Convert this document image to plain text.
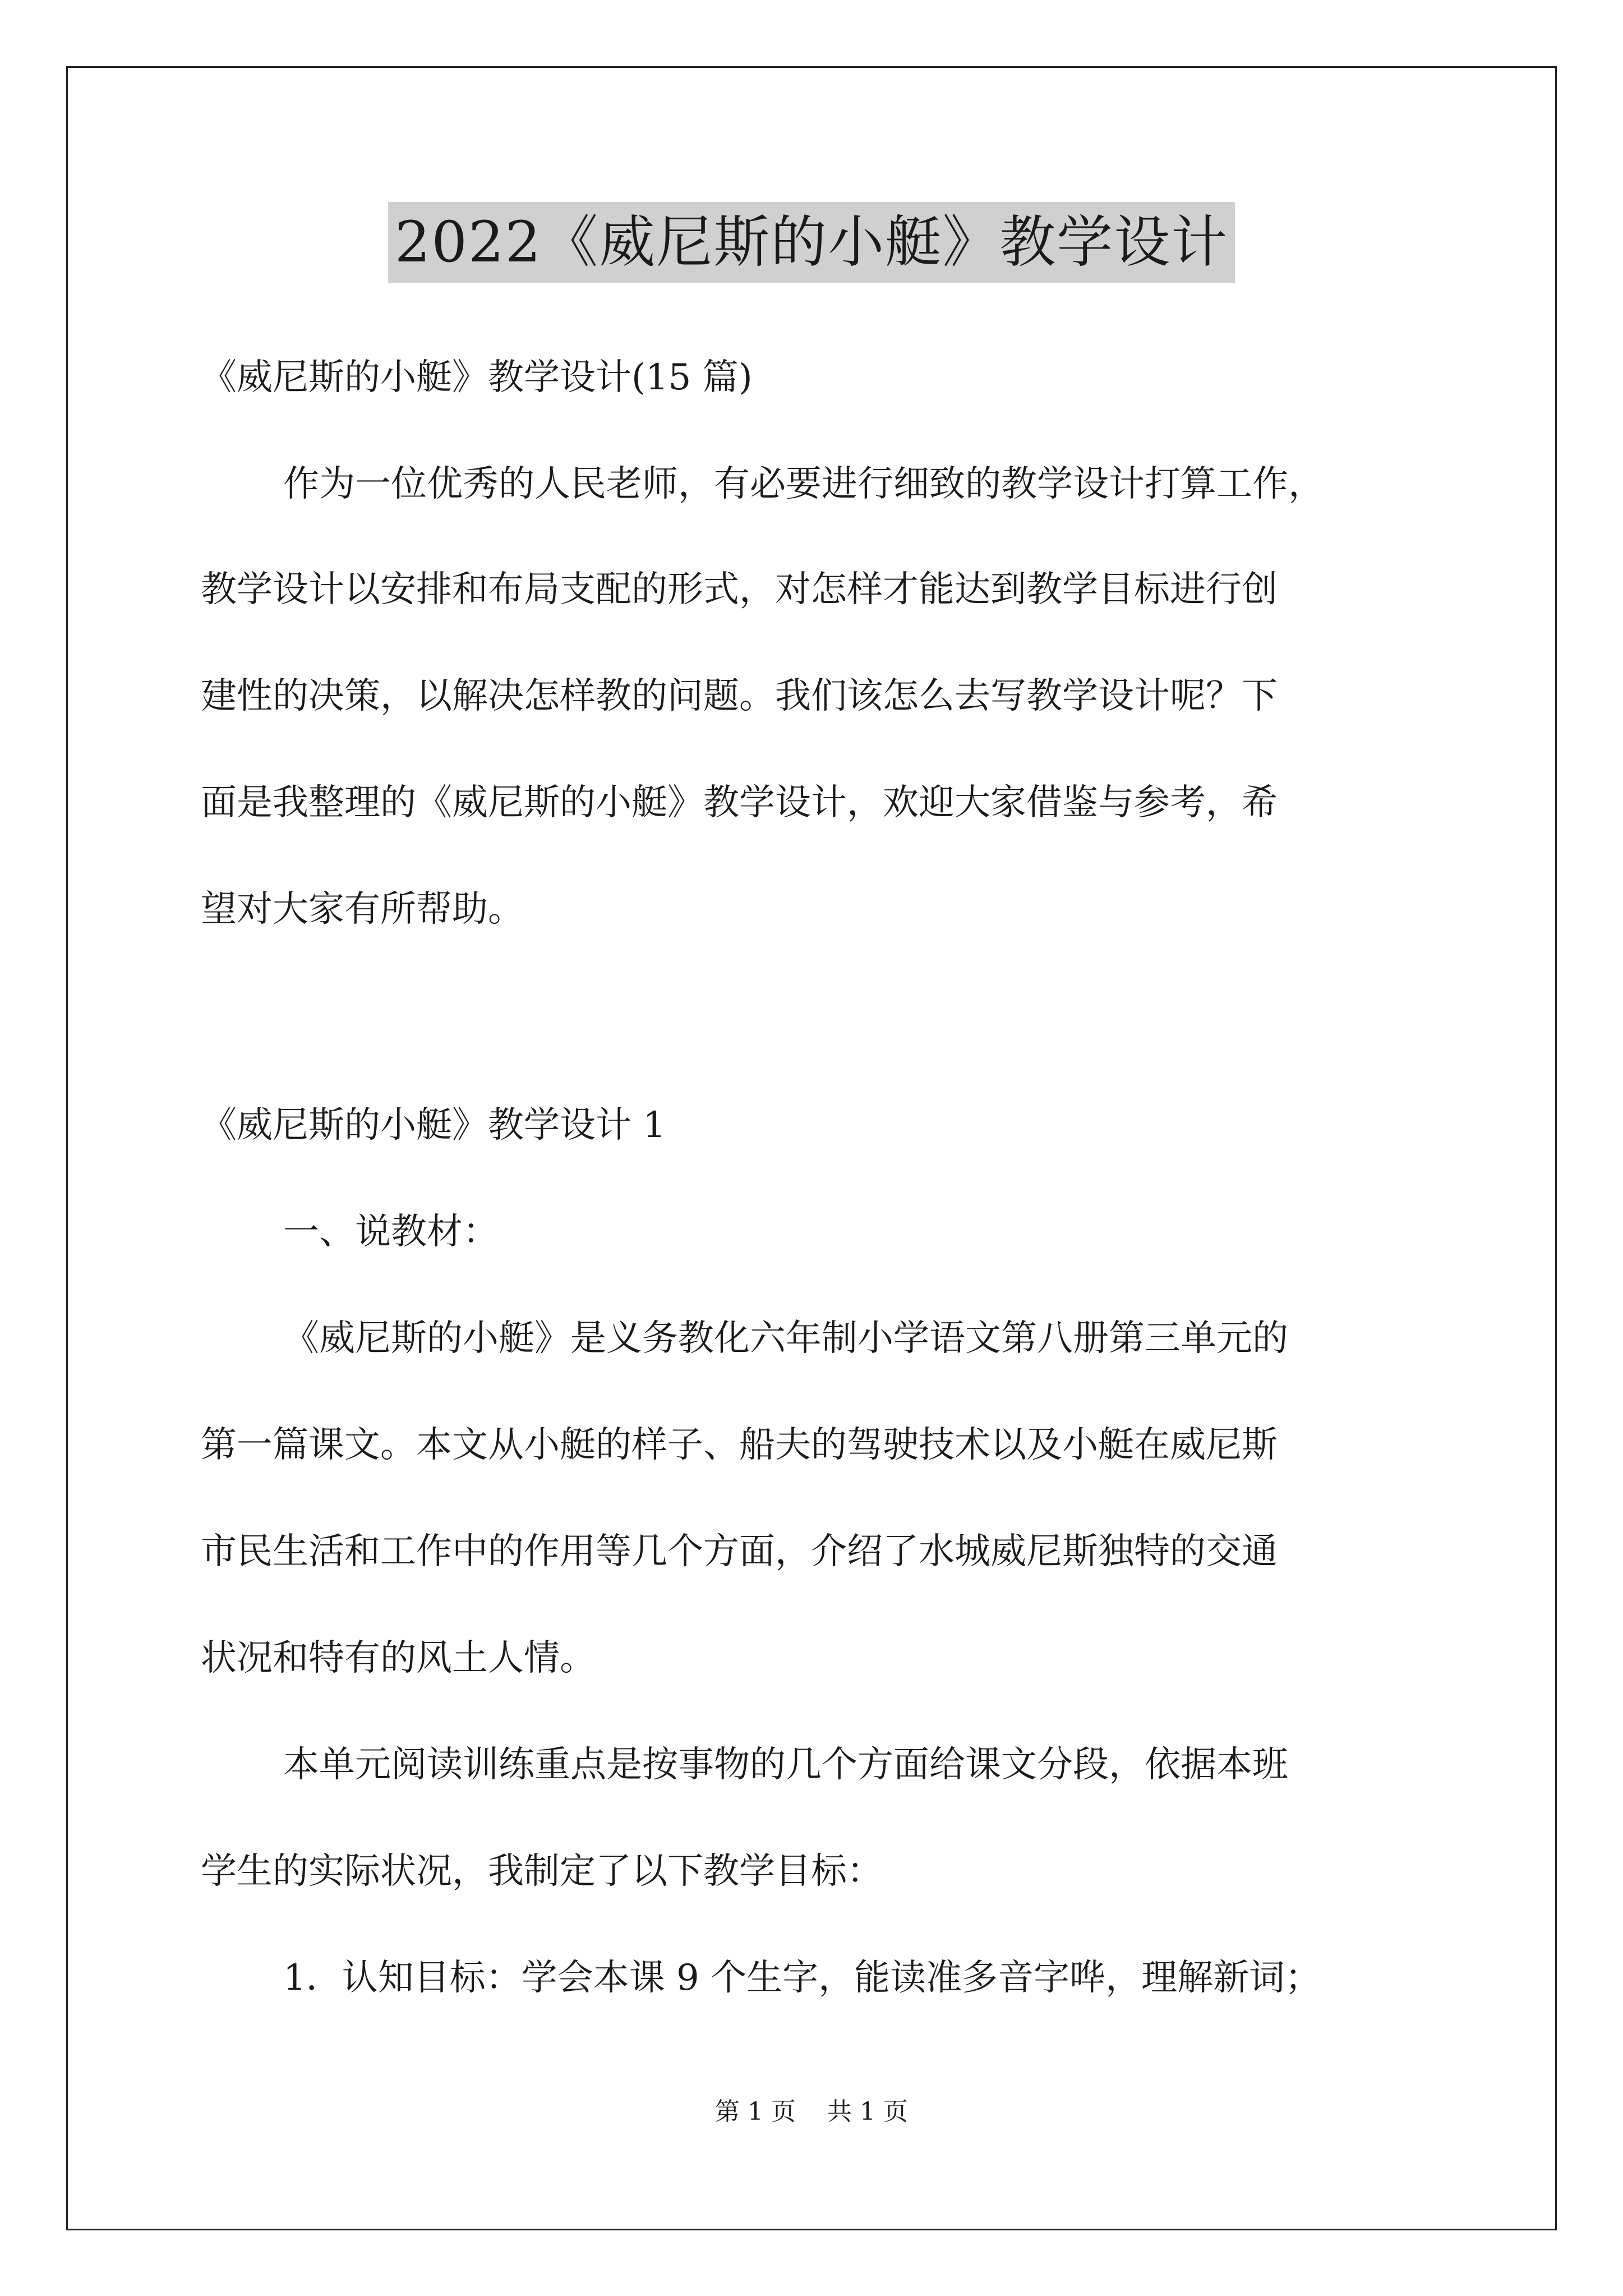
2022《威尼斯的小艇》教学设计
《威尼斯的小艇》教学设计(15 篇)
作为一位优秀的人民老师，有必要进行细致的教学设计打算工作，
教学设计以安排和布局支配的形式，对怎样才能达到教学目标进行创
建性的决策，以解决怎样教的问题。我们该怎么去写教学设计呢？下
面是我整理的《威尼斯的小艇》教学设计，欢迎大家借鉴与参考，希
望对大家有所帮助。
《威尼斯的小艇》教学设计 1
一、说教材：
《威尼斯的小艇》是义务教化六年制小学语文第八册第三单元的
第一篇课文。本文从小艇的样子、船夫的驾驶技术以及小艇在威尼斯
市民生活和工作中的作用等几个方面，介绍了水城威尼斯独特的交通
状况和特有的风土人情。
本单元阅读训练重点是按事物的几个方面给课文分段，依据本班
学生的实际状况，我制定了以下教学目标：
1．认知目标：学会本课 9 个生字，能读准多音字哗，理解新词；
第 1 页    共 1 页
